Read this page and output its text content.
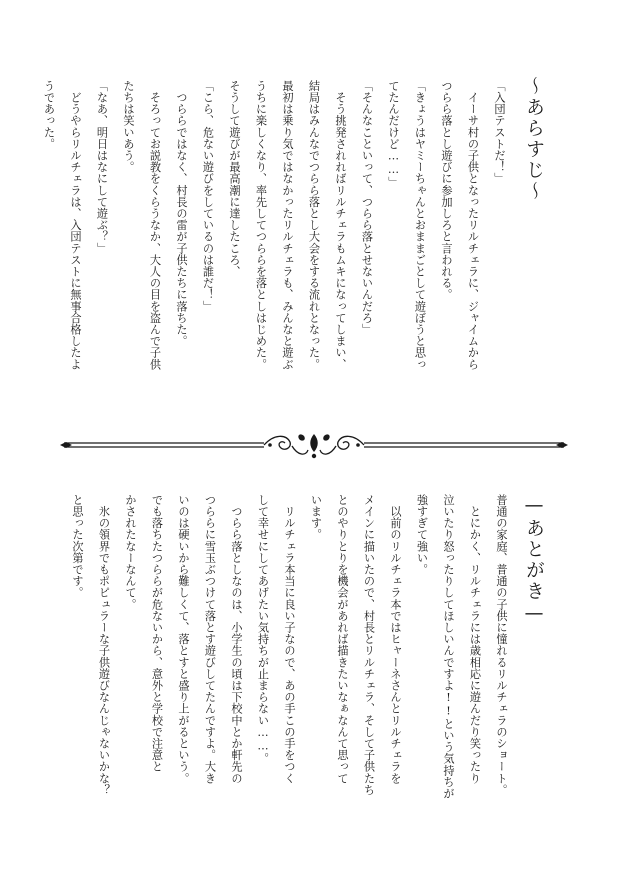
～あらすじ～

「入団テストだ！」

　イーサ村の子供となったリルチェラに、ジャイムから

つらら落とし遊びに参加しろと言われる。

「きょうはヤミーちゃんとおままごとして遊ぼうと思っ

てたんだけど……」

「そんなこといって、つらら落とせないんだろ」

　そう挑発されればリルチェラもムキになってしまい、

結局はみんなでつらら落とし大会をする流れとなった。

最初は乗り気ではなかったリルチェラも、みんなと遊ぶ

うちに楽しくなり、率先してつららを落としはじめた。

そうして遊びが最高潮に達したころ、

「こら、危ない遊びをしているのは誰だ！」

　つららではなく、村長の雷が子供たちに落ちた。

　そろってお説教をくらうなか、大人の目を盗んで子供

たちは笑いあう。

「なあ、明日はなにして遊ぶ？」

　どうやらリルチェラは、入団テストに無事合格したよ

うであった。

—あとがき—

普通の家庭、普通の子供に憧れるリルチェラのショート。

　とにかく、リルチェラには歳相応に遊んだり笑ったり

泣いたり怒ったりしてほしいんですよ!!という気持ちが

強すぎて強い。

　以前のリルチェラ本ではヒャーネさんとリルチェラを

メインに描いたので、村長とリルチェラ、そして子供たち

とのやりとりを機会があれば描きたいなぁなんて思って

います。

　リルチェラ本当に良い子なので、あの手この手をつく

して幸せにしてあげたい気持ちが止まらない……。

　つらら落としなのは、小学生の頃は下校中とか軒先の

つららに雪玉ぶつけて落とす遊びしてたんですよ。大き

いのは硬いから難しくて、落とすと盛り上がるという。

でも落ちたつららが危ないから、意外と学校で注意と

かされたなーなんて。

　氷の領界でもポピュラーな子供遊びなんじゃないかな？

と思った次第です。
